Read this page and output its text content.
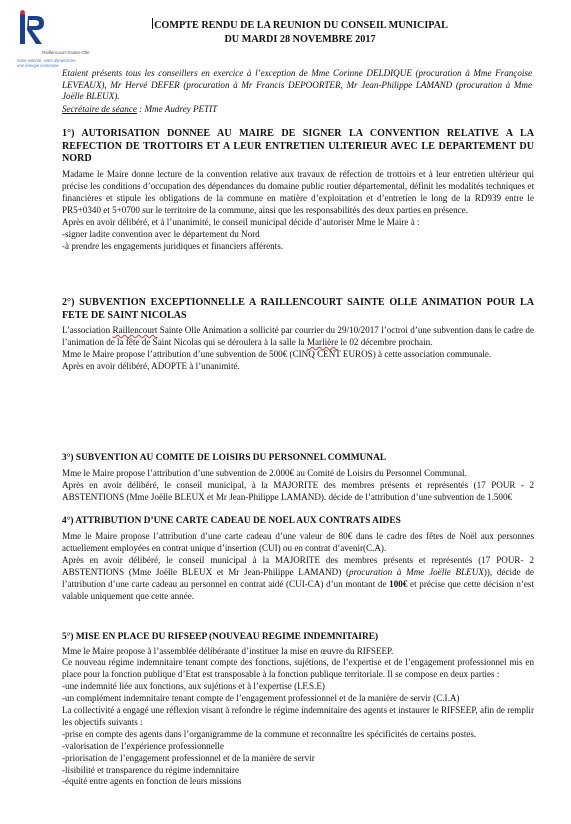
Raillencourt-Sainte-Olle
notre volonté, votre dynamisme,
une énergie commune
COMPTE RENDU DE LA REUNION DU CONSEIL MUNICIPAL
DU MARDI 28 NOVEMBRE 2017
Etaient présents tous les conseillers en exercice à l’exception de Mme Corinne DELDIQUE (procuration à Mme Françoise LEVEAUX), Mr Hervé DEFER (procuration à Mr Francis DEPOORTER, Mr Jean-Philippe LAMAND (procuration à Mme Joëlle BLEUX).
Secrétaire de séance : Mme Audrey PETIT
1°) AUTORISATION DONNEE AU MAIRE DE SIGNER LA CONVENTION RELATIVE A LA REFECTION DE TROTTOIRS ET A LEUR ENTRETIEN ULTERIEUR AVEC LE DEPARTEMENT DU NORD

Madame le Maire donne lecture de la convention relative aux travaux de réfection de trottoirs et à leur entretien ultérieur qui précise les conditions d’occupation des dépendances du domaine public routier départemental, définit les modalités techniques et financières et stipule les obligations de la commune en matière d’exploitation et d’entretien le long de la RD939 entre le PR5+0340 et 5+0700 sur le territoire de la commune, ainsi que les responsabilités des deux parties en présence.

Après en avoir délibéré, et à l’unanimité, le conseil municipal décide d’autoriser Mme le Maire à :

-signer ladite convention avec le département du Nord

-à prendre les engagements juridiques et financiers afférents.

2°) SUBVENTION EXCEPTIONNELLE A RAILLENCOURT SAINTE OLLE ANIMATION POUR LA FETE DE SAINT NICOLAS

L’association Raillencourt Sainte Olle Animation a sollicité par courrier du 29/10/2017 l’octroi d’une subvention dans le cadre de l’animation de la fête de Saint Nicolas qui se déroulera à la salle la Marlière le 02 décembre prochain.

Mme le Maire propose l’attribution d’une subvention de 500€ (CINQ CENT EUROS) à cette association communale.

Après en avoir délibéré, ADOPTE à l’unanimité.

3°) SUBVENTION AU COMITE DE LOISIRS DU PERSONNEL COMMUNAL

Mme le Maire propose l’attribution d’une subvention de 2.000€ au Comité de Loisirs du Personnel Communal.

Après en avoir délibéré, le conseil municipal, à la MAJORITE des membres présents et représentés (17 POUR - 2 ABSTENTIONS (Mme Joëlle BLEUX et Mr Jean-Philippe LAMAND). décide de l’attribution d’une subvention de 1.500€

4°) ATTRIBUTION D’UNE CARTE CADEAU DE NOEL AUX CONTRATS AIDES

Mme le Maire propose l’attribution d’une carte cadeau d’une valeur de 80€ dans le cadre des fêtes de Noël aux personnes actuellement employées en contrat unique d’insertion (CUI) ou en contrat d’avenir(C.A).

Après en avoir délibéré, le conseil municipal à la MAJORITE des membres présents et représentés (17 POUR- 2 ABSTENTIONS (Mme Joëlle BLEUX et Mr Jean-Philippe LAMAND) (procuration à Mme Joëlle BLEUX)), décide de l’attribution d’une carte cadeau au personnel en contrat aidé (CUI-CA) d’un montant de 100€ et précise que cette décision n’est valable uniquement que cette année.

5°) MISE EN PLACE DU RIFSEEP (NOUVEAU REGIME INDEMNITAIRE)

Mme le Maire propose à l’assemblée délibérante d’instituer la mise en œuvre du RIFSEEP.

Ce nouveau régime indemnitaire tenant compte des fonctions, sujétions, de l’expertise et de l’engagement professionnel mis en place pour la fonction publique d’Etat est transposable à la fonction publique territoriale. Il se compose en deux parties :

-une indemnité liée aux fonctions, aux sujétions et à l’expertise (I.F.S.E)

-un complément indemnitaire tenant compte de l’engagement professionnel et de la manière de servir (C.I.A)

La collectivité a engagé une réflexion visant à refondre le régime indemnitaire des agents et instaurer le RIFSEEP, afin de remplir les objectifs suivants :

-prise en compte des agents dans l’organigramme de la commune et reconnaître les spécificités de certains postes.

-valorisation de l’expérience professionnelle

-priorisation de l’engagement professionnel et de la manière de servir

-lisibilité et transparence du régime indemnitaire

-équité entre agents en fonction de leurs missions
